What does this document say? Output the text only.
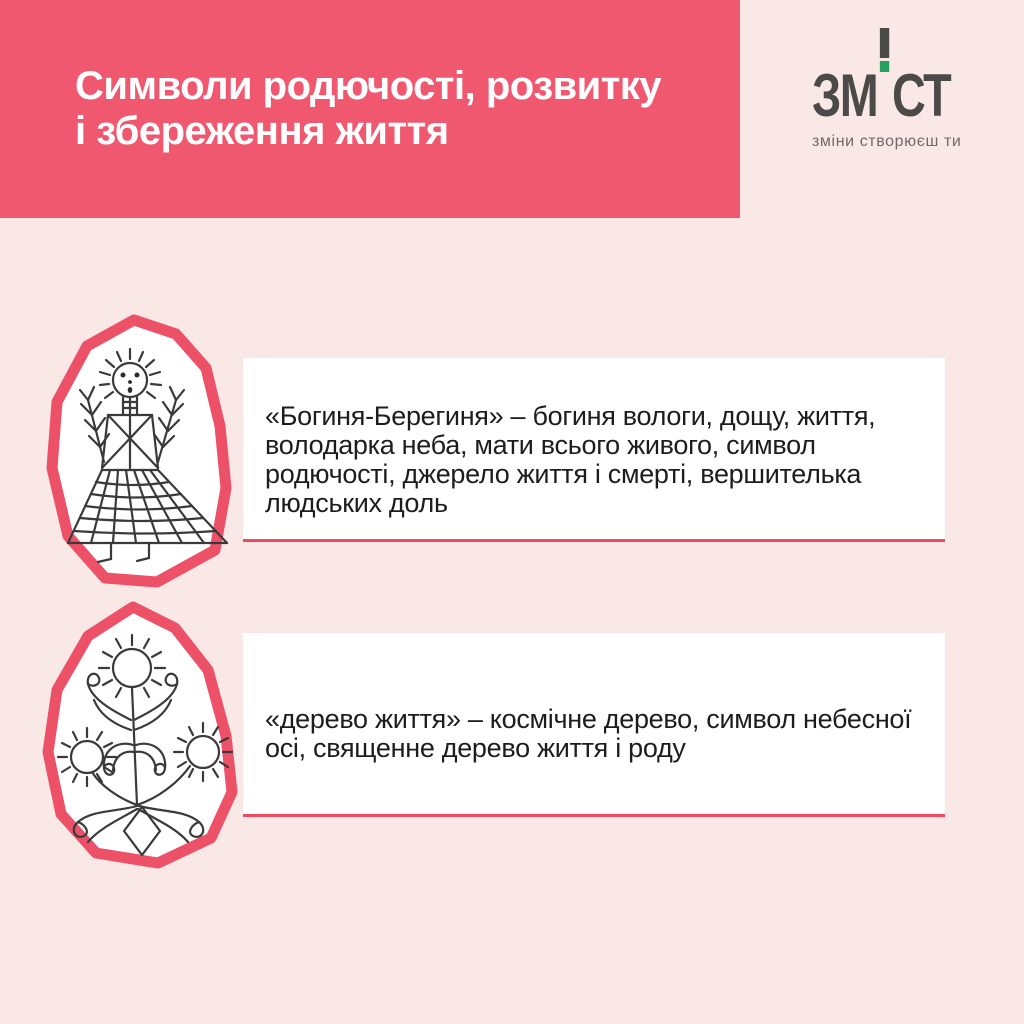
Символи родючості, розвитку
і збереження життя
ЗМ СТ
зміни створюєш ти

«Богиня-Берегиня» – богиня вологи, дощу, життя, володарка неба, мати всього живого, символ родючості, джерело життя і смерті, вершителька людських доль

«дерево життя» – космічне дерево, символ небесної осі, священне дерево життя і роду
